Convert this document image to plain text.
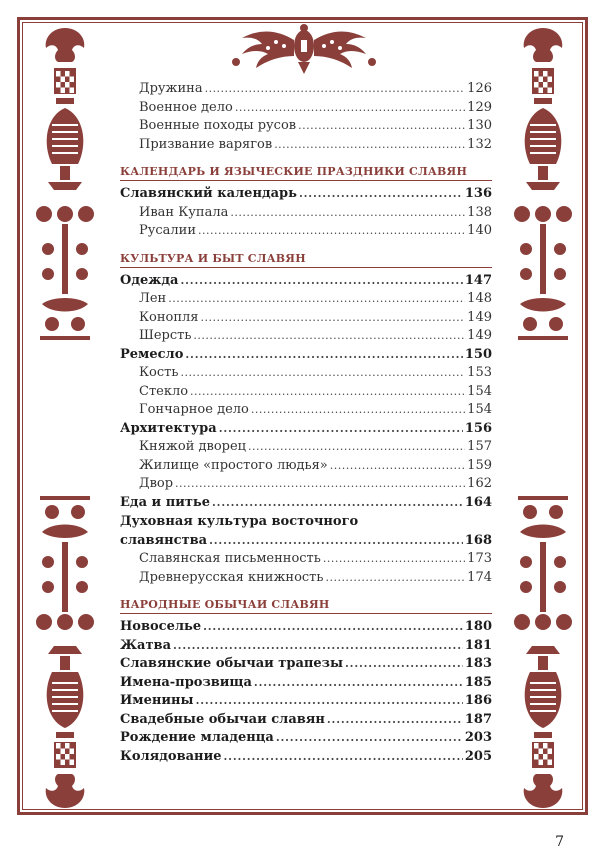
Дружина . . .	126
Военное дело . . .	129
Военные походы русов . . .	130
Призвание варягов . . .	132
КАЛЕНДАРЬ И ЯЗЫЧЕСКИЕ ПРАЗДНИКИ СЛАВЯН
Славянский календарь . . .	136
Иван Купала . . .	138
Русалии . . .	140
КУЛЬТУРА И БЫТ СЛАВЯН
Одежда . . .	147
Лен . . .	148
Конопля . . .	149
Шерсть . . .	149
Ремесло . . .	150
Кость . . .	153
Стекло . . .	154
Гончарное дело . . .	154
Архитектура . . .	156
Княжой дворец . . .	157
Жилище «простого людья» . . .	159
Двор . . .	162
Еда и питье . . .	164
Духовная культура восточного
славянства . . .	168
Славянская письменность . . .	173
Древнерусская книжность . . .	174
НАРОДНЫЕ ОБЫЧАИ СЛАВЯН
Новоселье . . .	180
Жатва . . .	181
Славянские обычаи трапезы . . .	183
Имена-прозвища . . .	185
Именины . . .	186
Свадебные обычаи славян . . .	187
Рождение младенца . . .	203
Колядование . . .	205
7
